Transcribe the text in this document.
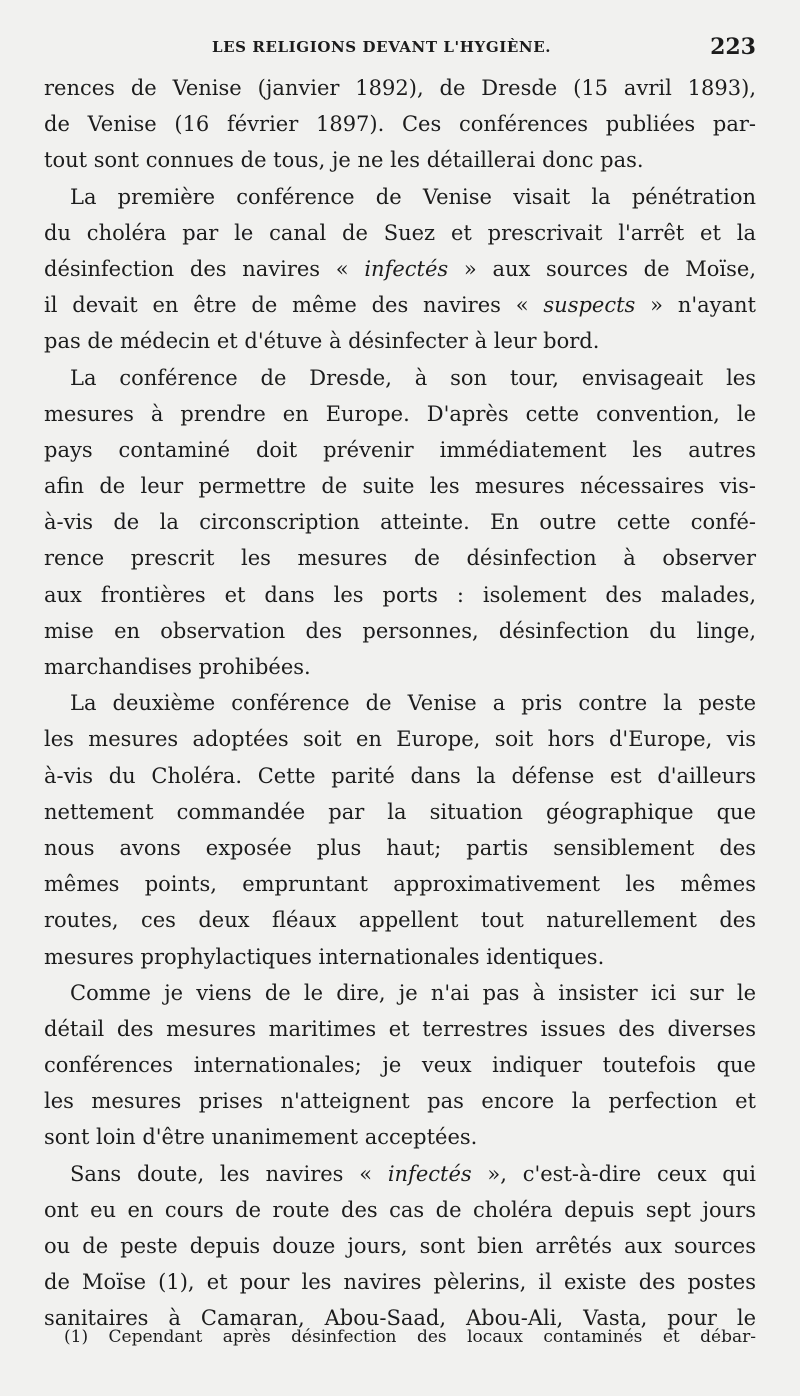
LES RELIGIONS DEVANT L'HYGIÈNE.	223
rences de Venise (janvier 1892), de Dresde (15 avril 1893),
de Venise (16 février 1897). Ces conférences publiées par-
tout sont connues de tous, je ne les détaillerai donc pas.
La première conférence de Venise visait la pénétration
du choléra par le canal de Suez et prescrivait l'arrêt et la
désinfection des navires « infectés » aux sources de Moïse,
il devait en être de même des navires « suspects » n'ayant
pas de médecin et d'étuve à désinfecter à leur bord.
La conférence de Dresde, à son tour, envisageait les
mesures à prendre en Europe. D'après cette convention, le
pays contaminé doit prévenir immédiatement les autres
afin de leur permettre de suite les mesures nécessaires vis-
à-vis de la circonscription atteinte. En outre cette confé-
rence prescrit les mesures de désinfection à observer
aux frontières et dans les ports : isolement des malades,
mise en observation des personnes, désinfection du linge,
marchandises prohibées.
La deuxième conférence de Venise a pris contre la peste
les mesures adoptées soit en Europe, soit hors d'Europe, vis
à-vis du Choléra. Cette parité dans la défense est d'ailleurs
nettement commandée par la situation géographique que
nous avons exposée plus haut; partis sensiblement des
mêmes points, empruntant approximativement les mêmes
routes, ces deux fléaux appellent tout naturellement des
mesures prophylactiques internationales identiques.
Comme je viens de le dire, je n'ai pas à insister ici sur le
détail des mesures maritimes et terrestres issues des diverses
conférences internationales; je veux indiquer toutefois que
les mesures prises n'atteignent pas encore la perfection et
sont loin d'être unanimement acceptées.
Sans doute, les navires « infectés », c'est-à-dire ceux qui
ont eu en cours de route des cas de choléra depuis sept jours
ou de peste depuis douze jours, sont bien arrêtés aux sources
de Moïse (1), et pour les navires pèlerins, il existe des postes
sanitaires à Camaran, Abou-Saad, Abou-Ali, Vasta, pour le
(1) Cependant après désinfection des locaux contaminés et débar-
